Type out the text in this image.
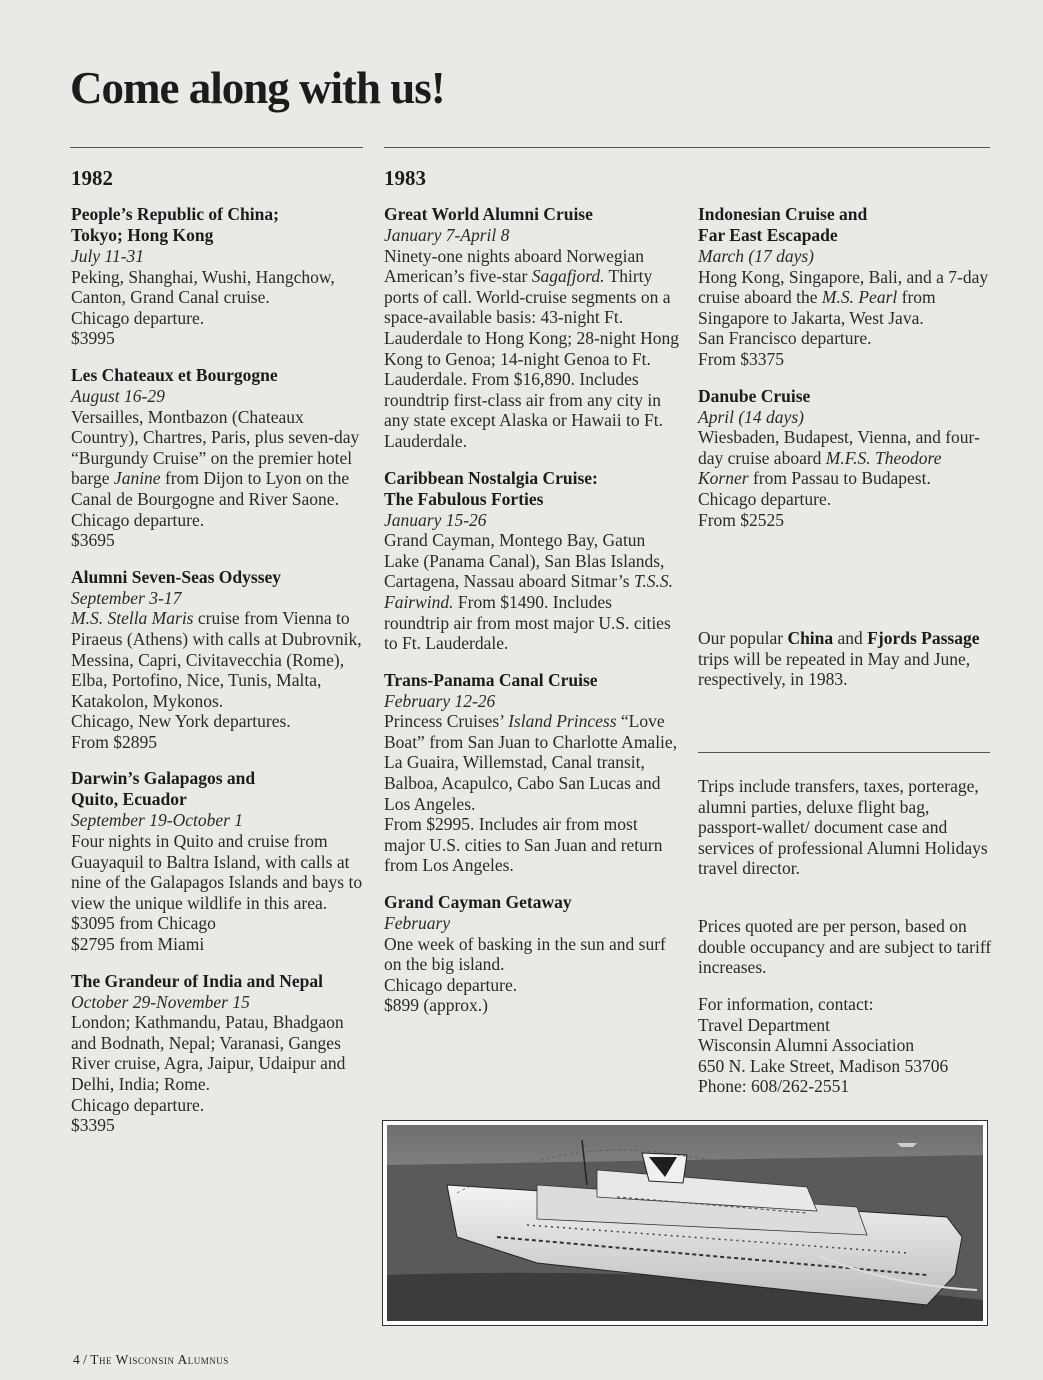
Come along with us!
1982	1983
People’s Republic of China;
Tokyo; Hong Kong
July 11-31
Peking, Shanghai, Wushi, Hangchow, Canton, Grand Canal cruise.
Chicago departure.
$3995
Les Chateaux et Bourgogne
August 16-29
Versailles, Montbazon (Chateaux Country), Chartres, Paris, plus seven-day “Burgundy Cruise” on the premier hotel barge Janine from Dijon to Lyon on the Canal de Bourgogne and River Saone.
Chicago departure.
$3695
Alumni Seven-Seas Odyssey
September 3-17
M.S. Stella Maris cruise from Vienna to Piraeus (Athens) with calls at Dubrovnik, Messina, Capri, Civitavecchia (Rome), Elba, Portofino, Nice, Tunis, Malta, Katakolon, Mykonos.
Chicago, New York departures.
From $2895
Darwin’s Galapagos and
Quito, Ecuador
September 19-October 1
Four nights in Quito and cruise from Guayaquil to Baltra Island, with calls at nine of the Galapagos Islands and bays to view the unique wildlife in this area.
$3095 from Chicago
$2795 from Miami
The Grandeur of India and Nepal
October 29-November 15
London; Kathmandu, Patau, Bhadgaon and Bodnath, Nepal; Varanasi, Ganges River cruise, Agra, Jaipur, Udaipur and Delhi, India; Rome.
Chicago departure.
$3395
Great World Alumni Cruise
January 7-April 8
Ninety-one nights aboard Norwegian American’s five-star Sagafjord. Thirty ports of call. World-cruise segments on a space-available basis: 43-night Ft. Lauderdale to Hong Kong; 28-night Hong Kong to Genoa; 14-night Genoa to Ft. Lauderdale. From $16,890. Includes roundtrip first-class air from any city in any state except Alaska or Hawaii to Ft. Lauderdale.
Caribbean Nostalgia Cruise:
The Fabulous Forties
January 15-26
Grand Cayman, Montego Bay, Gatun Lake (Panama Canal), San Blas Islands, Cartagena, Nassau aboard Sitmar’s T.S.S. Fairwind. From $1490. Includes roundtrip air from most major U.S. cities to Ft. Lauderdale.
Trans-Panama Canal Cruise
February 12-26
Princess Cruises’ Island Princess “Love Boat” from San Juan to Charlotte Amalie, La Guaira, Willemstad, Canal transit, Balboa, Acapulco, Cabo San Lucas and Los Angeles.
From $2995. Includes air from most major U.S. cities to San Juan and return from Los Angeles.
Grand Cayman Getaway
February
One week of basking in the sun and surf on the big island.
Chicago departure.
$899 (approx.)
Indonesian Cruise and
Far East Escapade
March (17 days)
Hong Kong, Singapore, Bali, and a 7-day cruise aboard the M.S. Pearl from Singapore to Jakarta, West Java.
San Francisco departure.
From $3375
Danube Cruise
April (14 days)
Wiesbaden, Budapest, Vienna, and four-day cruise aboard M.F.S. Theodore Korner from Passau to Budapest.
Chicago departure.
From $2525
Our popular China and Fjords Passage trips will be repeated in May and June, respectively, in 1983.
Trips include transfers, taxes, porterage, alumni parties, deluxe flight bag, passport-wallet/ document case and services of professional Alumni Holidays travel director.
Prices quoted are per person, based on double occupancy and are subject to tariff increases.
For information, contact:
Travel Department
Wisconsin Alumni Association
650 N. Lake Street, Madison 53706
Phone: 608/262-2551

4 / The Wisconsin Alumnus
